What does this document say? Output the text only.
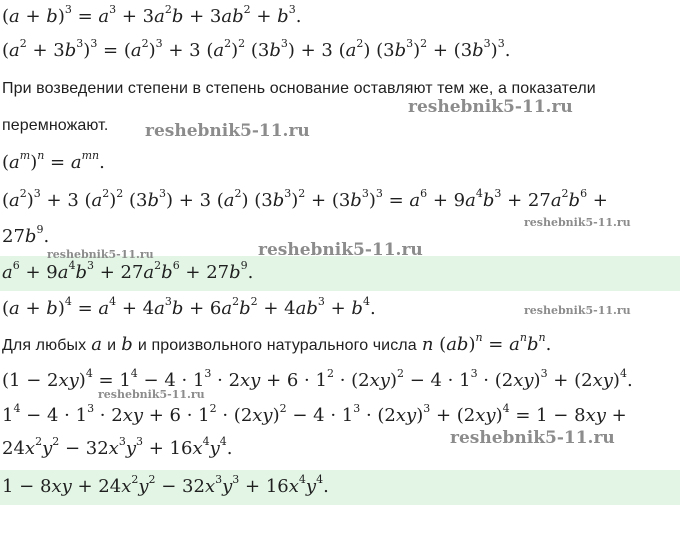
$(a + b)^3 = a^3 + 3a^2b + 3ab^2 + b^3$.
$(a^2 + 3b^3)^3 = (a^2)^3 + 3$ $(a^2)^2$ $(3b^3) + 3$ $(a^2) (3b^3)^2 + (3b^3)^3$.
При возведении степени в степень основание оставляют тем же, а показатели
перемножают.
$(a^m)^n = a^{mn}$.
$(a^2)^3 + 3$ $(a^2)^2$ $(3b^3) + 3$ $(a^2) (3b^3)^2 + (3b^3)^3 = a^6 + 9a^4b^3 + 27a^2b^6$ +
$27b^9$.
$a^6 + 9a^4b^3 + 27a^2b^6 + 27b^9$.
$(a + b)^4 = a^4 + 4a^3b + 6a^2b^2 + 4ab^3 + b^4$.
Для любых a и b и произвольного натурального числа n $(ab)^n = a^nb^n$.
$(1 - 2xy)^4 = 1^4 - 4 \cdot 1^3 \cdot 2xy + 6 \cdot 1^2 \cdot (2xy)^2 - 4 \cdot 1^3 \cdot (2xy)^3 + (2xy)^4$.
$1^4 - 4 \cdot 1^3 \cdot 2xy + 6 \cdot 1^2 \cdot (2xy)^2 - 4 \cdot 1^3 \cdot (2xy)^3 + (2xy)^4 = 1 - 8xy$ +
$24x^2y^2 - 32x^3y^3 + 16x^4y^4$.
$1 - 8xy + 24x^2y^2 - 32x^3y^3 + 16x^4y^4$.
reshebnik5-11.ru
reshebnik5-11.ru
reshebnik5-11.ru
reshebnik5-11.ru	reshebnik5-11.ru
reshebnik5-11.ru
reshebnik5-11.ru
reshebnik5-11.ru
